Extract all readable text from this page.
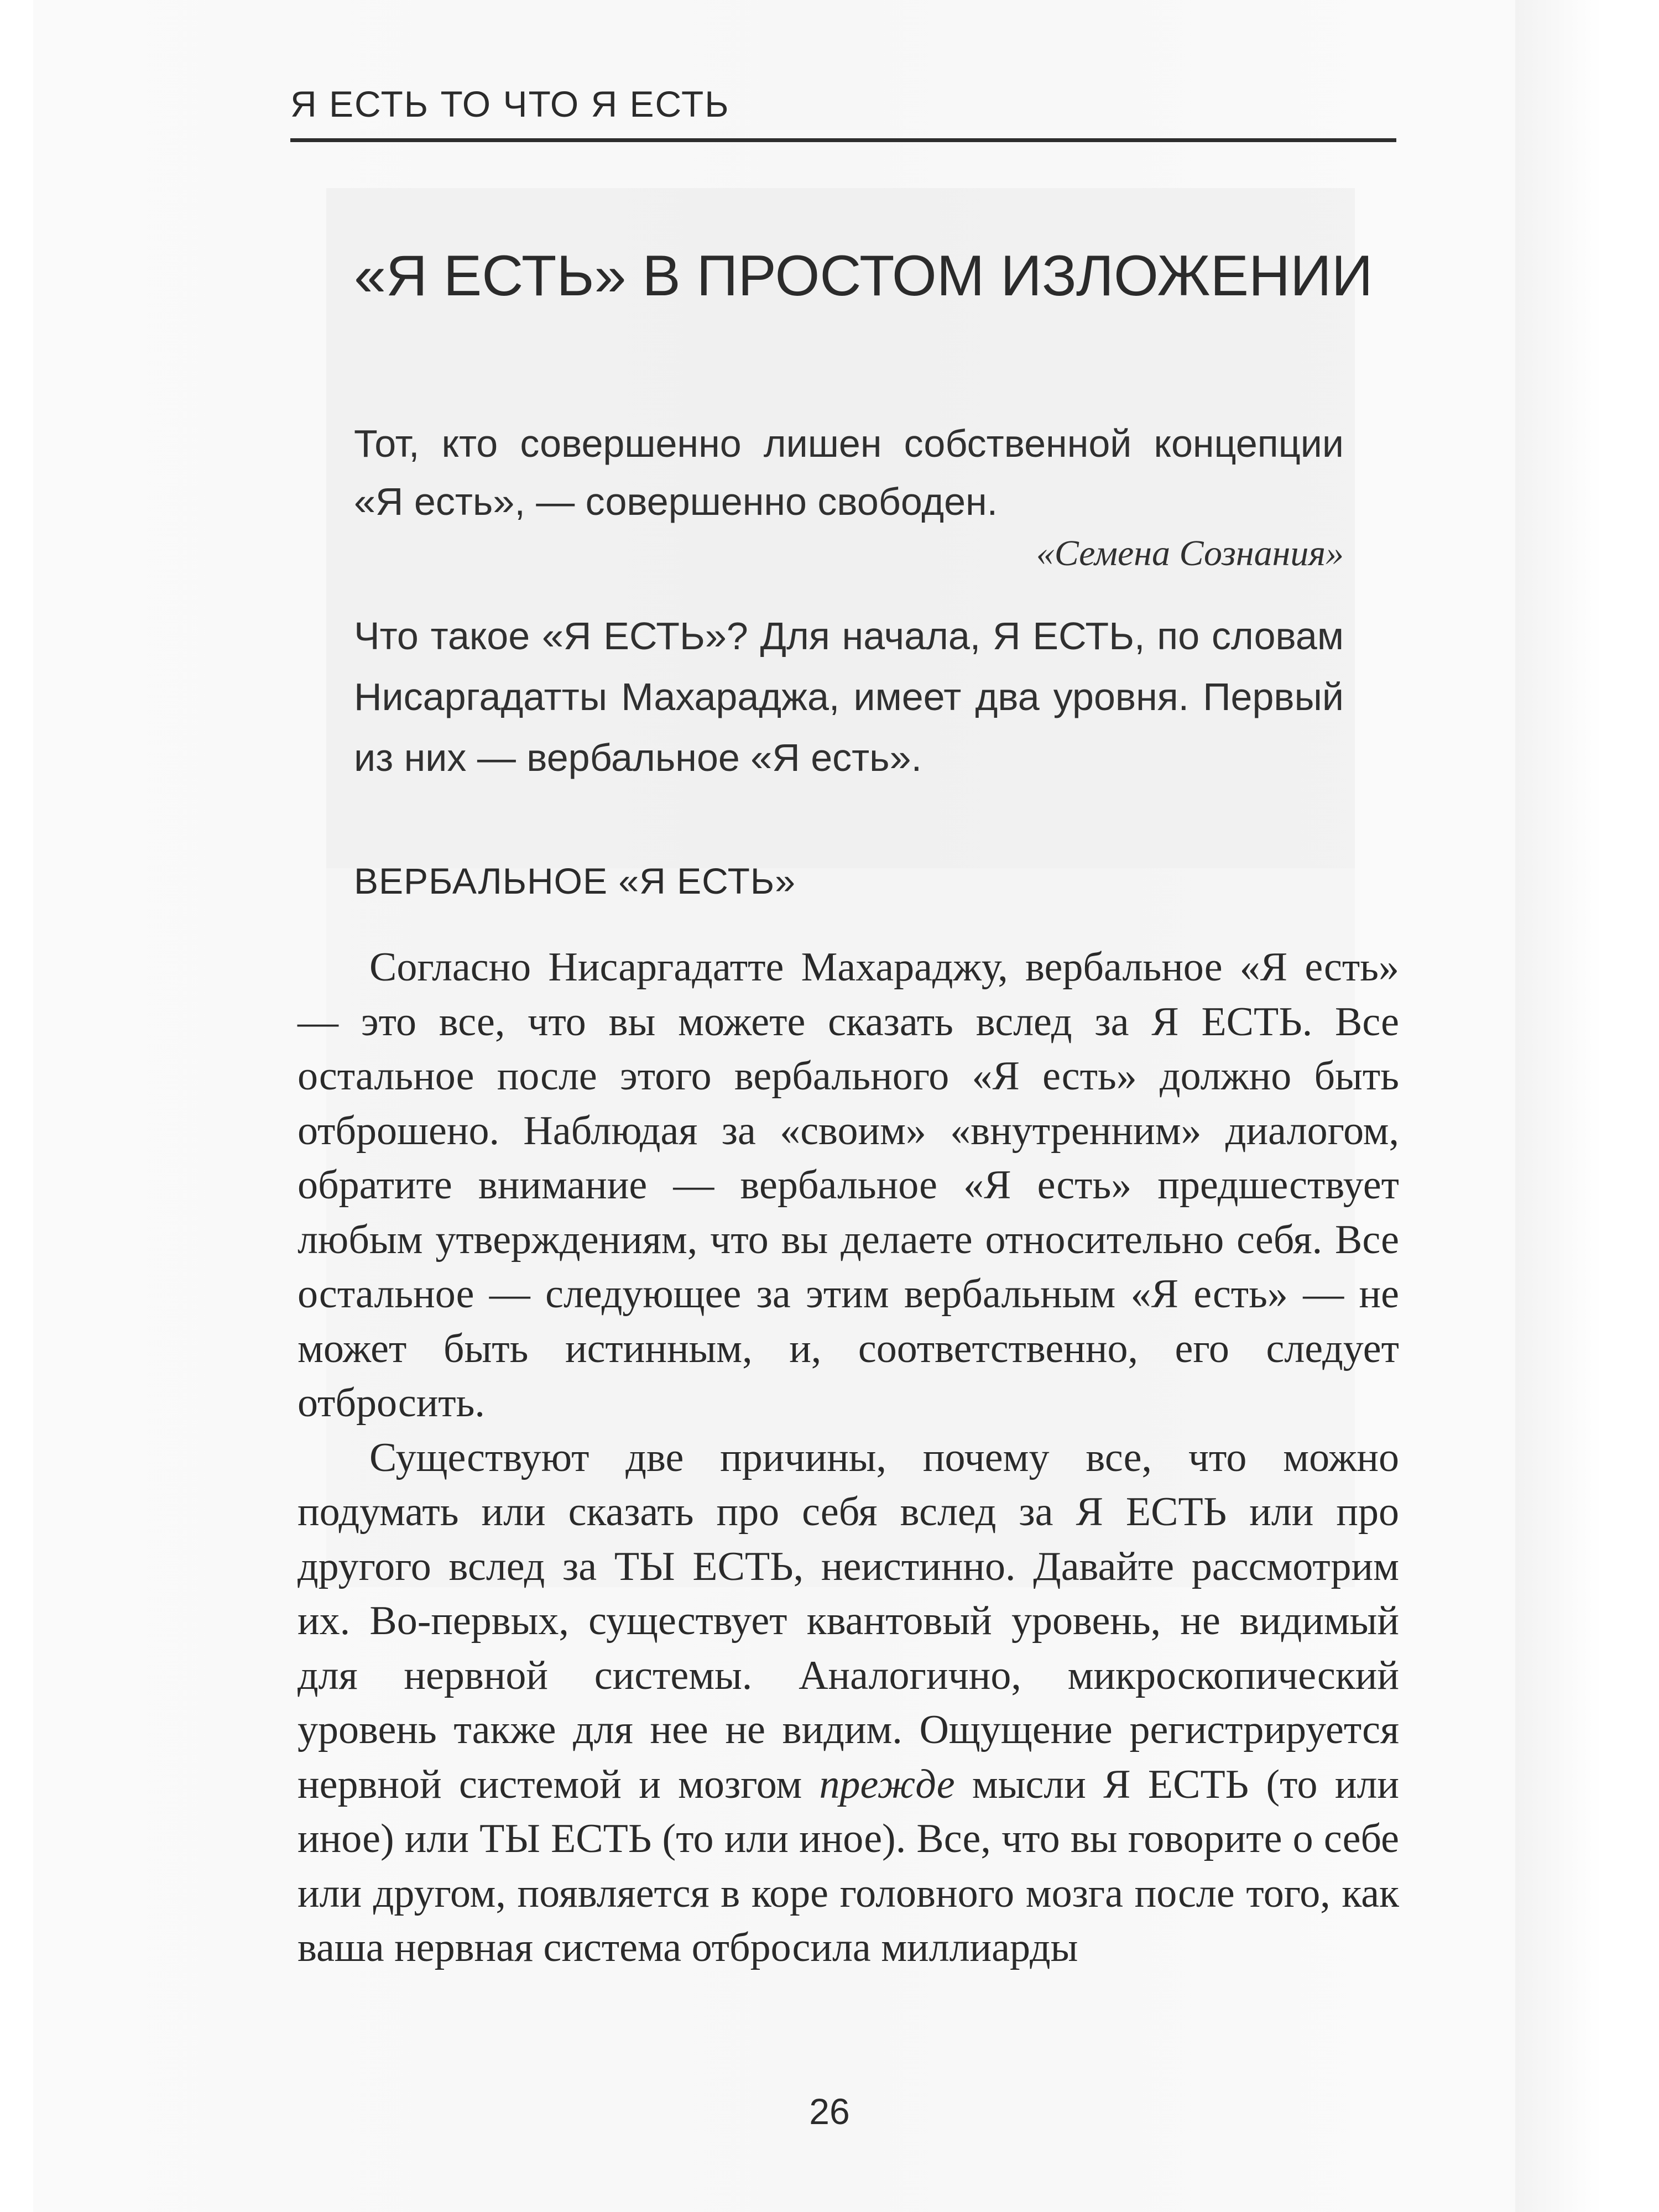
Я ЕСТЬ ТО ЧТО Я ЕСТЬ
«Я ЕСТЬ» В ПРОСТОМ ИЗЛОЖЕНИИ
Тот, кто совершенно лишен собственной концепции «Я есть», — совершенно свободен.
«Семена Сознания»
Что такое «Я ЕСТЬ»? Для начала, Я ЕСТЬ, по словам Нисаргадатты Махараджа, имеет два уровня. Первый из них — вербальное «Я есть».
ВЕРБАЛЬНОЕ «Я ЕСТЬ»

Согласно Нисаргадатте Махараджу, вербальное «Я есть» — это все, что вы можете сказать вслед за Я ЕСТЬ. Все остальное после этого вербального «Я есть» должно быть отброшено. Наблюдая за «своим» «внутренним» диалогом, обратите внимание — вербальное «Я есть» предшествует любым утверждениям, что вы делаете относительно себя. Все остальное — следующее за этим вербальным «Я есть» — не может быть истинным, и, соответственно, его следует отбросить.

Существуют две причины, почему все, что можно подумать или сказать про себя вслед за Я ЕСТЬ или про другого вслед за ТЫ ЕСТЬ, неистинно. Давайте рассмотрим их. Во-первых, существует квантовый уровень, не видимый для нервной системы. Аналогично, микроскопический уровень также для нее не видим. Ощущение регистрируется нервной системой и мозгом прежде мысли Я ЕСТЬ (то или иное) или ТЫ ЕСТЬ (то или иное). Все, что вы говорите о себе или другом, появляется в коре головного мозга после того, как ваша нервная система отбросила миллиарды

26
